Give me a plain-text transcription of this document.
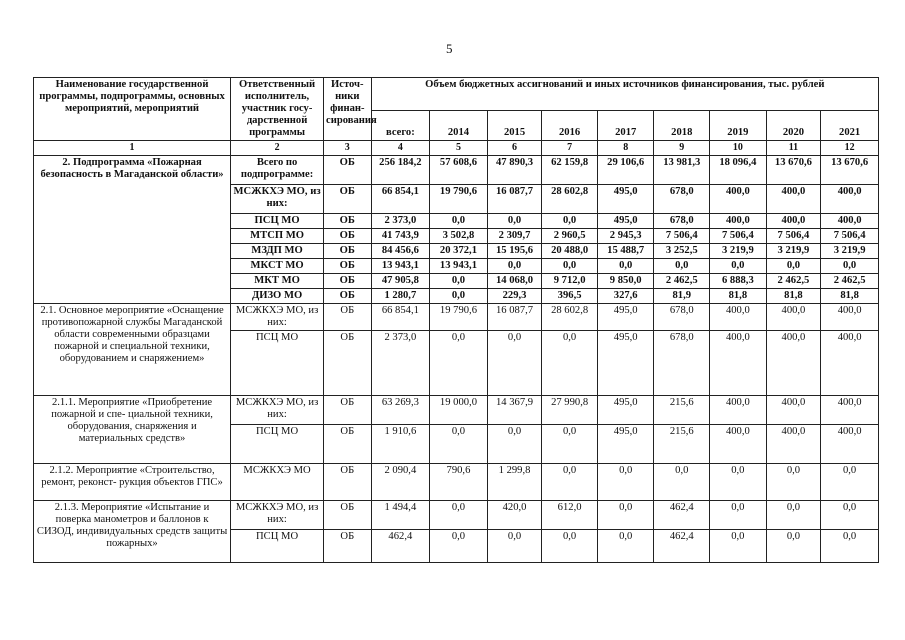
5
Наименование государственной программы, подпрограммы, основных мероприятий, мероприятий	Ответственный исполнитель, участник госу- дарственной программы	Источ- ники финан- сирования	Объем бюджетных ассигнований и иных источников финансирования, тыс. рублей								
			всего:	2014	2015	2016	2017	2018	2019	2020	2021
1	2	3	4	5	6	7	8	9	10	11	12
2. Подпрограмма «Пожарная безопасность в Магаданской области»	Всего по подпрограмме:	ОБ	256 184,2	57 608,6	47 890,3	62 159,8	29 106,6	13 981,3	18 096,4	13 670,6	13 670,6
	МСЖКХЭ МО, из них:	ОБ	66 854,1	19 790,6	16 087,7	28 602,8	495,0	678,0	400,0	400,0	400,0
	ПСЦ МО	ОБ	2 373,0	0,0	0,0	0,0	495,0	678,0	400,0	400,0	400,0
	МТСП МО	ОБ	41 743,9	3 502,8	2 309,7	2 960,5	2 945,3	7 506,4	7 506,4	7 506,4	7 506,4
	МЗДП МО	ОБ	84 456,6	20 372,1	15 195,6	20 488,0	15 488,7	3 252,5	3 219,9	3 219,9	3 219,9
	МКСТ МО	ОБ	13 943,1	13 943,1	0,0	0,0	0,0	0,0	0,0	0,0	0,0
	МКТ МО	ОБ	47 905,8	0,0	14 068,0	9 712,0	9 850,0	2 462,5	6 888,3	2 462,5	2 462,5
	ДИЗО МО	ОБ	1 280,7	0,0	229,3	396,5	327,6	81,9	81,8	81,8	81,8
2.1. Основное мероприятие «Оснащение противопожарной службы Магаданской области современными образцами пожарной и специальной техники, оборудованием и снаряжением»	МСЖКХЭ МО, из них:	ОБ	66 854,1	19 790,6	16 087,7	28 602,8	495,0	678,0	400,0	400,0	400,0
	ПСЦ МО	ОБ	2 373,0	0,0	0,0	0,0	495,0	678,0	400,0	400,0	400,0
2.1.1. Мероприятие «Приобретение пожарной и спе- циальной техники, оборудования, снаряжения и материальных средств»	МСЖКХЭ МО, из них:	ОБ	63 269,3	19 000,0	14 367,9	27 990,8	495,0	215,6	400,0	400,0	400,0
	ПСЦ МО	ОБ	1 910,6	0,0	0,0	0,0	495,0	215,6	400,0	400,0	400,0
2.1.2. Мероприятие «Строительство, ремонт, реконст- рукция объектов ГПС»	МСЖКХЭ МО	ОБ	2 090,4	790,6	1 299,8	0,0	0,0	0,0	0,0	0,0	0,0
2.1.3. Мероприятие «Испытание и поверка манометров и баллонов к СИЗОД, индивидуальных средств защиты пожарных»	МСЖКХЭ МО, из них:	ОБ	1 494,4	0,0	420,0	612,0	0,0	462,4	0,0	0,0	0,0
	ПСЦ МО	ОБ	462,4	0,0	0,0	0,0	0,0	462,4	0,0	0,0	0,0
